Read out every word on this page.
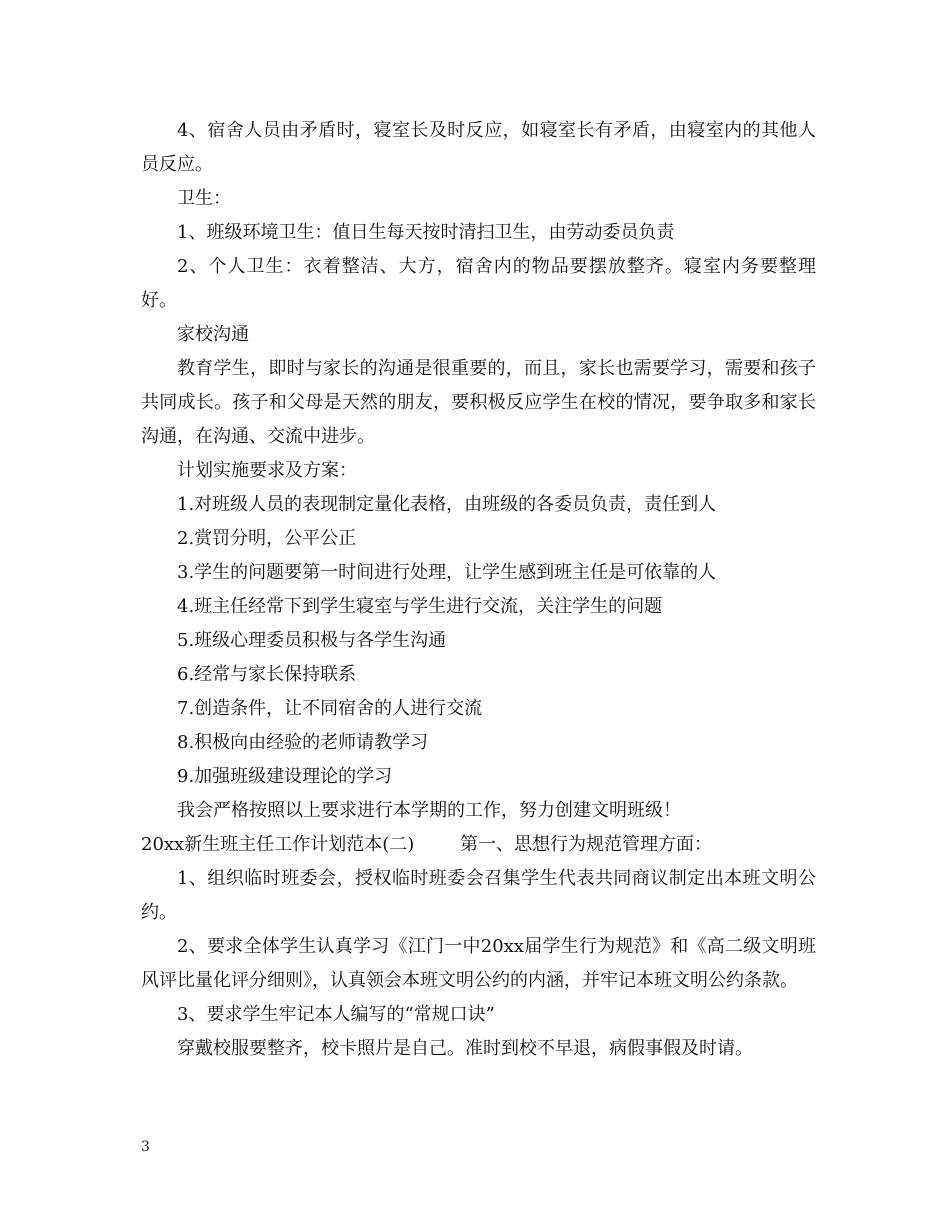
4、宿舍人员由矛盾时，寝室长及时反应，如寝室长有矛盾，由寝室内的其他人员反应。

卫生：

1、班级环境卫生：值日生每天按时清扫卫生，由劳动委员负责

2、个人卫生：衣着整洁、大方，宿舍内的物品要摆放整齐。寝室内务要整理好。

家校沟通

教育学生，即时与家长的沟通是很重要的，而且，家长也需要学习，需要和孩子共同成长。孩子和父母是天然的朋友，要积极反应学生在校的情况，要争取多和家长沟通，在沟通、交流中进步。

计划实施要求及方案：

1.对班级人员的表现制定量化表格，由班级的各委员负责，责任到人

2.赏罚分明，公平公正

3.学生的问题要第一时间进行处理，让学生感到班主任是可依靠的人

4.班主任经常下到学生寝室与学生进行交流，关注学生的问题

5.班级心理委员积极与各学生沟通

6.经常与家长保持联系

7.创造条件，让不同宿舍的人进行交流

8.积极向由经验的老师请教学习

9.加强班级建设理论的学习

我会严格按照以上要求进行本学期的工作，努力创建文明班级！

20xx新生班主任工作计划范本(二)	第一、思想行为规范管理方面：

1、组织临时班委会，授权临时班委会召集学生代表共同商议制定出本班文明公约。

2、要求全体学生认真学习《江门一中20xx届学生行为规范》和《高二级文明班风评比量化评分细则》，认真领会本班文明公约的内涵，并牢记本班文明公约条款。

3、要求学生牢记本人编写的“常规口诀”

穿戴校服要整齐，校卡照片是自己。准时到校不早退，病假事假及时请。

3
